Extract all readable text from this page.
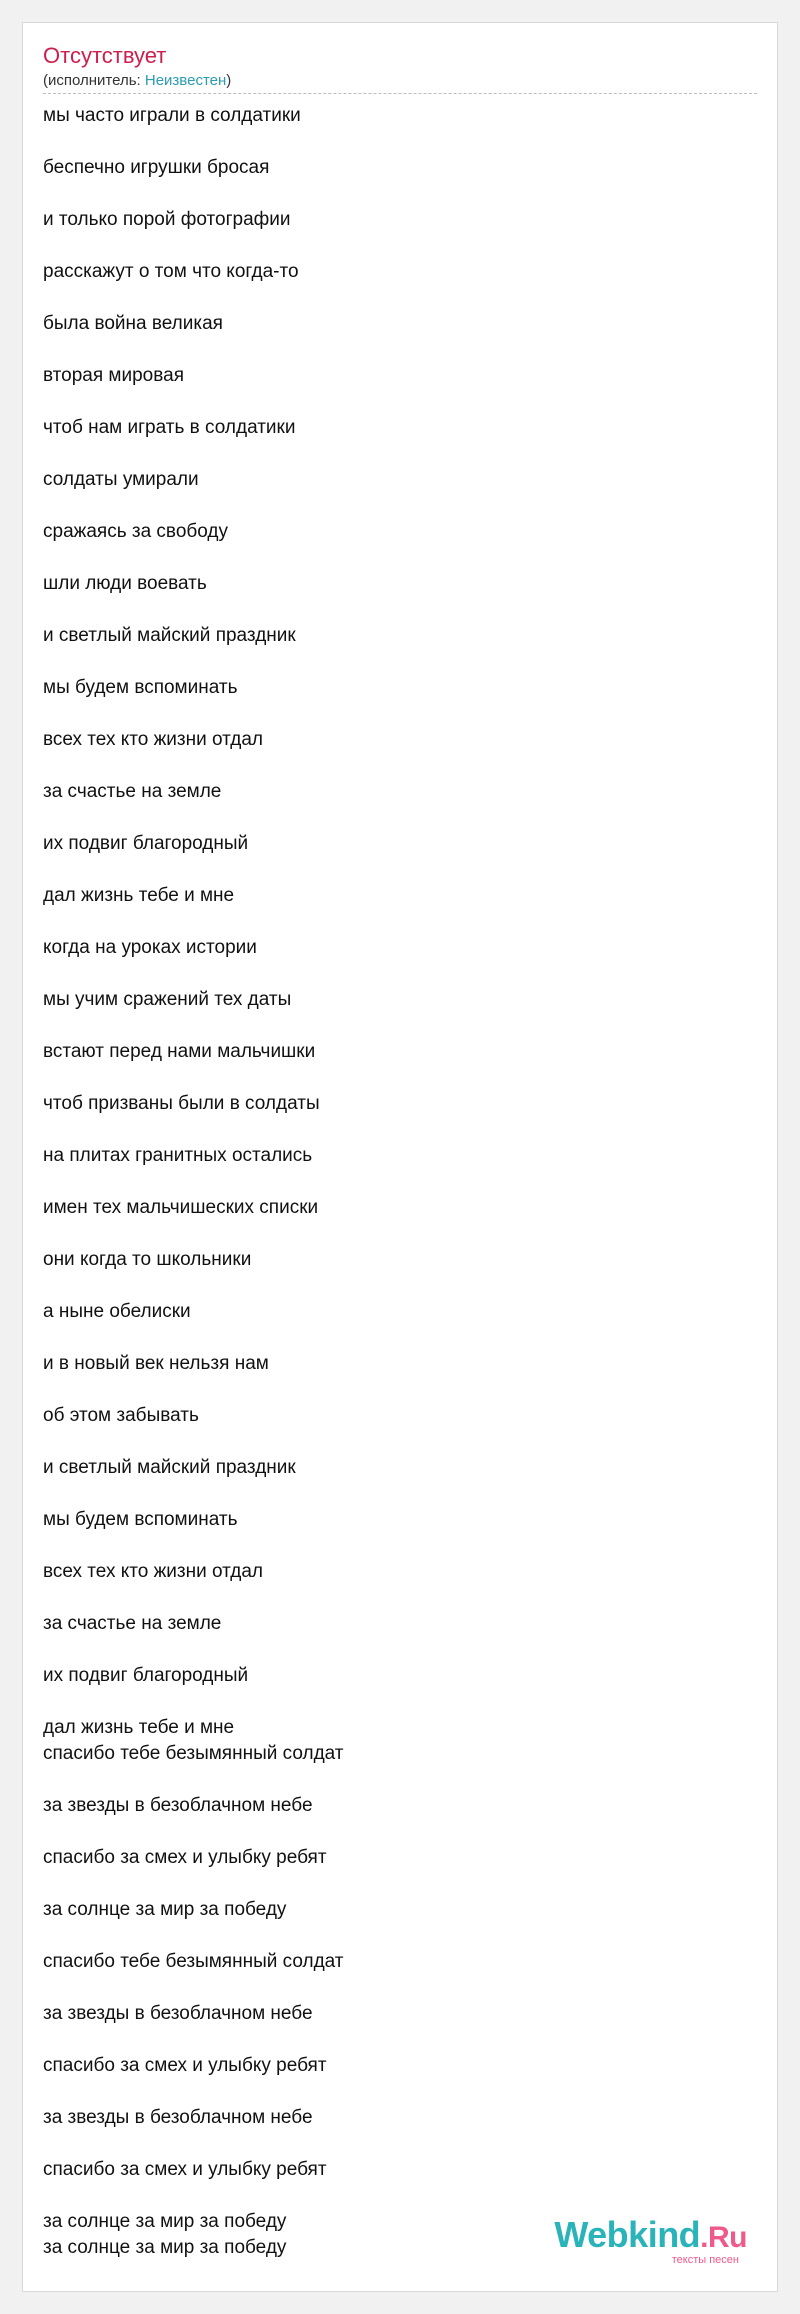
Отсутствует
(исполнитель: Неизвестен)
мы часто играли в солдатики
беспечно игрушки бросая
и только порой фотографии
расскажут о том что когда-то
была война великая
вторая мировая
чтоб нам играть в солдатики
солдаты умирали
сражаясь за свободу
шли люди воевать
и светлый майский праздник
мы будем вспоминать
всех тех кто жизни отдал
за счастье на земле
их подвиг благородный
дал жизнь тебе и мне
когда на уроках истории
мы учим сражений тех даты
встают перед нами мальчишки
чтоб призваны были в солдаты
на плитах гранитных остались
имен тех мальчишеских списки
они когда то школьники
а ныне обелиски
и в новый век нельзя нам
об этом забывать
и светлый майский праздник
мы будем вспоминать
всех тех кто жизни отдал
за счастье на земле
их подвиг благородный
дал жизнь тебе и мне
спасибо тебе безымянный солдат
за звезды в безоблачном небе
спасибо за смех и улыбку ребят
за солнце за мир за победу
спасибо тебе безымянный солдат
за звезды в безоблачном небе
спасибо за смех и улыбку ребят
за звезды в безоблачном небе
спасибо за смех и улыбку ребят
за солнце за мир за победу
за солнце за мир за победу	Webkind.Ru
тексты песен
